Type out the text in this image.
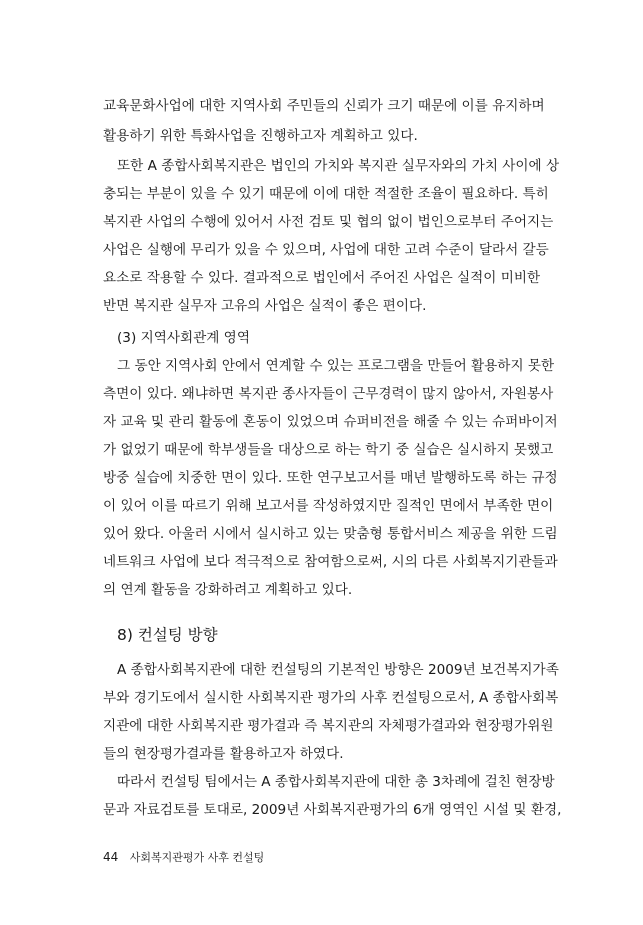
교육문화사업에 대한 지역사회 주민들의 신뢰가 크기 때문에 이를 유지하며
활용하기 위한 특화사업을 진행하고자 계획하고 있다.
또한 A 종합사회복지관은 법인의 가치와 복지관 실무자와의 가치 사이에 상
충되는 부분이 있을 수 있기 때문에 이에 대한 적절한 조율이 필요하다. 특히
복지관 사업의 수행에 있어서 사전 검토 및 협의 없이 법인으로부터 주어지는
사업은 실행에 무리가 있을 수 있으며, 사업에 대한 고려 수준이 달라서 갈등
요소로 작용할 수 있다. 결과적으로 법인에서 주어진 사업은 실적이 미비한
반면 복지관 실무자 고유의 사업은 실적이 좋은 편이다.
(3) 지역사회관계 영역
그 동안 지역사회 안에서 연계할 수 있는 프로그램을 만들어 활용하지 못한
측면이 있다. 왜냐하면 복지관 종사자들이 근무경력이 많지 않아서, 자원봉사
자 교육 및 관리 활동에 혼동이 있었으며 슈퍼비전을 해줄 수 있는 슈퍼바이저
가 없었기 때문에 학부생들을 대상으로 하는 학기 중 실습은 실시하지 못했고
방중 실습에 치중한 면이 있다. 또한 연구보고서를 매년 발행하도록 하는 규정
이 있어 이를 따르기 위해 보고서를 작성하였지만 질적인 면에서 부족한 면이
있어 왔다. 아울러 시에서 실시하고 있는 맞춤형 통합서비스 제공을 위한 드림
네트워크 사업에 보다 적극적으로 참여함으로써, 시의 다른 사회복지기관들과
의 연계 활동을 강화하려고 계획하고 있다.
8) 컨설팅 방향
A 종합사회복지관에 대한 컨설팅의 기본적인 방향은 2009년 보건복지가족
부와 경기도에서 실시한 사회복지관 평가의 사후 컨설팅으로서, A 종합사회복
지관에 대한 사회복지관 평가결과 즉 복지관의 자체평가결과와 현장평가위원
들의 현장평가결과를 활용하고자 하였다.
따라서 컨설팅 팀에서는 A 종합사회복지관에 대한 총 3차례에 걸친 현장방
문과 자료검토를 토대로, 2009년 사회복지관평가의 6개 영역인 시설 및 환경,
44 사회복지관평가 사후 컨설팅
